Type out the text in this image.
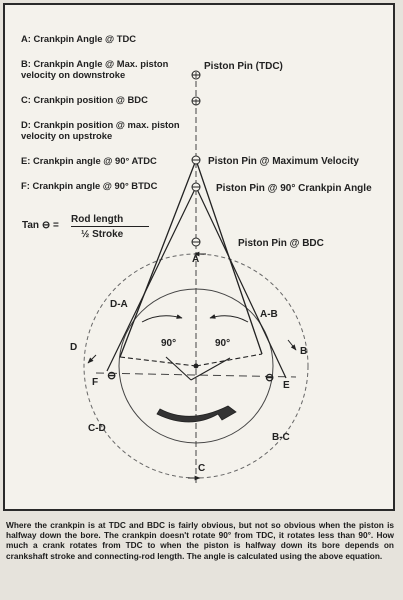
A: Crankpin Angle @ TDC
B: Crankpin Angle @ Max. piston velocity on downstroke
C: Crankpin position @ BDC
D: Crankpin position @ max. piston velocity on upstroke
E: Crankpin angle @ 90° ATDC
F: Crankpin angle @ 90° BTDC
Tan ⊖ =
Rod length
½ Stroke
Piston Pin (TDC)
Piston Pin @ Maximum Velocity
Piston Pin @ 90° Crankpin Angle
Piston Pin @ BDC
A
B
C
D
E
F
D-A
A-B
C-D
B-C
90°	90°
⊖	⊖
Where the crankpin is at TDC and BDC is fairly obvious, but not so obvious when the piston is halfway down the bore. The crankpin doesn't rotate 90° from TDC, it rotates less than 90°. How much a crank rotates from TDC to when the piston is halfway down its bore depends on crankshaft stroke and connecting-rod length. The angle is calculated using the above equation.
